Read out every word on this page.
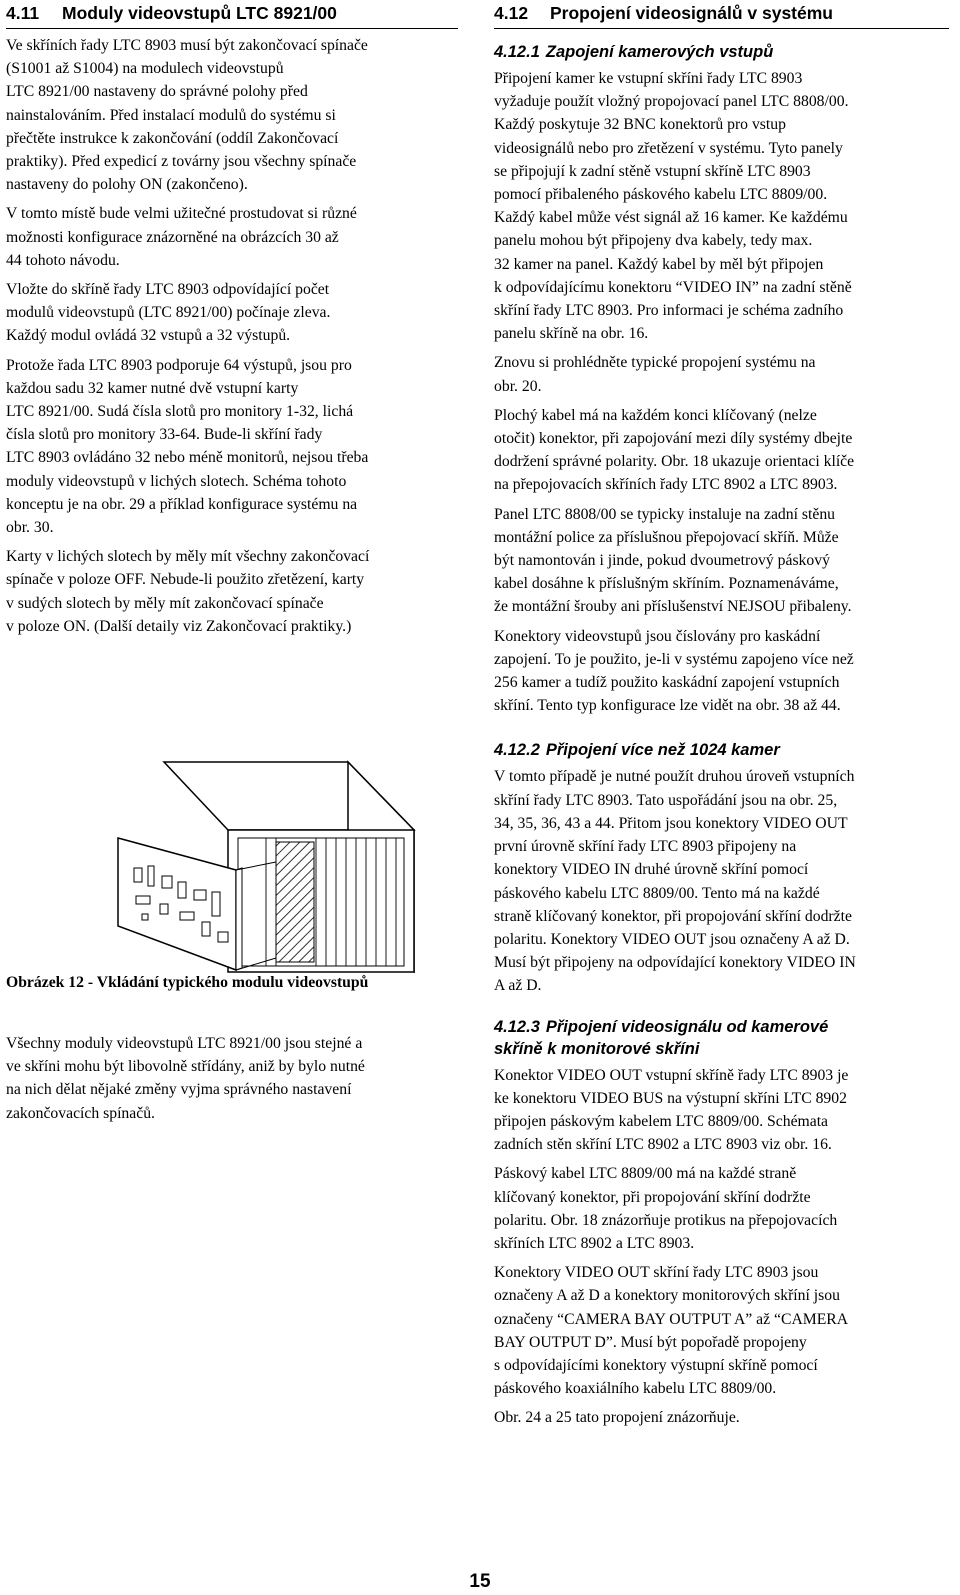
4.11 Moduly videovstupů LTC 8921/00

Ve skříních řady LTC 8903 musí být zakončovací spínače
(S1001 až S1004) na modulech videovstupů
LTC 8921/00 nastaveny do správné polohy před
nainstalováním. Před instalací modulů do systému si
přečtěte instrukce k zakončování (oddíl Zakončovací
praktiky). Před expedicí z továrny jsou všechny spínače
nastaveny do polohy ON (zakončeno).

V tomto místě bude velmi užitečné prostudovat si různé
možnosti konfigurace znázorněné na obrázcích 30 až
44 tohoto návodu.

Vložte do skříně řady LTC 8903 odpovídající počet
modulů videovstupů (LTC 8921/00) počínaje zleva.
Každý modul ovládá 32 vstupů a 32 výstupů.

Protože řada LTC 8903 podporuje 64 výstupů, jsou pro
každou sadu 32 kamer nutné dvě vstupní karty
LTC 8921/00. Sudá čísla slotů pro monitory 1-32, lichá
čísla slotů pro monitory 33-64. Bude-li skříní řady
LTC 8903 ovládáno 32 nebo méně monitorů, nejsou třeba
moduly videovstupů v lichých slotech. Schéma tohoto
konceptu je na obr. 29 a příklad konfigurace systému na
obr. 30.

Karty v lichých slotech by měly mít všechny zakončovací
spínače v poloze OFF. Nebude-li použito zřetězení, karty
v sudých slotech by měly mít zakončovací spínače
v poloze ON. (Další detaily viz Zakončovací praktiky.)

Obrázek 12 - Vkládání typického modulu videovstupů

Všechny moduly videovstupů LTC 8921/00 jsou stejné a
ve skříni mohu být libovolně střídány, aniž by bylo nutné
na nich dělat nějaké změny vyjma správného nastavení
zakončovacích spínačů.

4.12 Propojení videosignálů v systému
4.12.1 Zapojení kamerových vstupů

Připojení kamer ke vstupní skříni řady LTC 8903
vyžaduje použít vložný propojovací panel LTC 8808/00.
Každý poskytuje 32 BNC konektorů pro vstup
videosignálů nebo pro zřetězení v systému. Tyto panely
se připojují k zadní stěně vstupní skříně LTC 8903
pomocí přibaleného páskového kabelu LTC 8809/00.
Každý kabel může vést signál až 16 kamer. Ke každému
panelu mohou být připojeny dva kabely, tedy max.
32 kamer na panel. Každý kabel by měl být připojen
k odpovídajícímu konektoru “VIDEO IN” na zadní stěně
skříní řady LTC 8903. Pro informaci je schéma zadního
panelu skříně na obr. 16.

Znovu si prohlédněte typické propojení systému na
obr. 20.

Plochý kabel má na každém konci klíčovaný (nelze
otočit) konektor, při zapojování mezi díly systémy dbejte
dodržení správné polarity. Obr. 18 ukazuje orientaci klíče
na přepojovacích skříních řady LTC 8902 a LTC 8903.

Panel LTC 8808/00 se typicky instaluje na zadní stěnu
montážní police za příslušnou přepojovací skříň. Může
být namontován i jinde, pokud dvoumetrový páskový
kabel dosáhne k příslušným skříním. Poznamenáváme,
že montážní šrouby ani příslušenství NEJSOU přibaleny.

Konektory videovstupů jsou číslovány pro kaskádní
zapojení. To je použito, je-li v systému zapojeno více než
256 kamer a tudíž použito kaskádní zapojení vstupních
skříní. Tento typ konfigurace lze vidět na obr. 38 až 44.

4.12.2 Připojení více než 1024 kamer

V tomto případě je nutné použít druhou úroveň vstupních
skříní řady LTC 8903. Tato uspořádání jsou na obr. 25,
34, 35, 36, 43 a 44. Přitom jsou konektory VIDEO OUT
první úrovně skříní řady LTC 8903 připojeny na
konektory VIDEO IN druhé úrovně skříní pomocí
páskového kabelu LTC 8809/00. Tento má na každé
straně klíčovaný konektor, při propojování skříní dodržte
polaritu. Konektory VIDEO OUT jsou označeny A až D.
Musí být připojeny na odpovídající konektory VIDEO IN
A až D.

4.12.3 Připojení videosignálu od kamerové
skříně k monitorové skříni

Konektor VIDEO OUT vstupní skříně řady LTC 8903 je
ke konektoru VIDEO BUS na výstupní skříni LTC 8902
připojen páskovým kabelem LTC 8809/00. Schémata
zadních stěn skříní LTC 8902 a LTC 8903 viz obr. 16.

Páskový kabel LTC 8809/00 má na každé straně
klíčovaný konektor, při propojování skříní dodržte
polaritu. Obr. 18 znázorňuje protikus na přepojovacích
skříních LTC 8902 a LTC 8903.

Konektory VIDEO OUT skříní řady LTC 8903 jsou
označeny A až D a konektory monitorových skříní jsou
označeny “CAMERA BAY OUTPUT A” až “CAMERA
BAY OUTPUT D”. Musí být popořadě propojeny
s odpovídajícími konektory výstupní skříně pomocí
páskového koaxiálního kabelu LTC 8809/00.

Obr. 24 a 25 tato propojení znázorňuje.

15
